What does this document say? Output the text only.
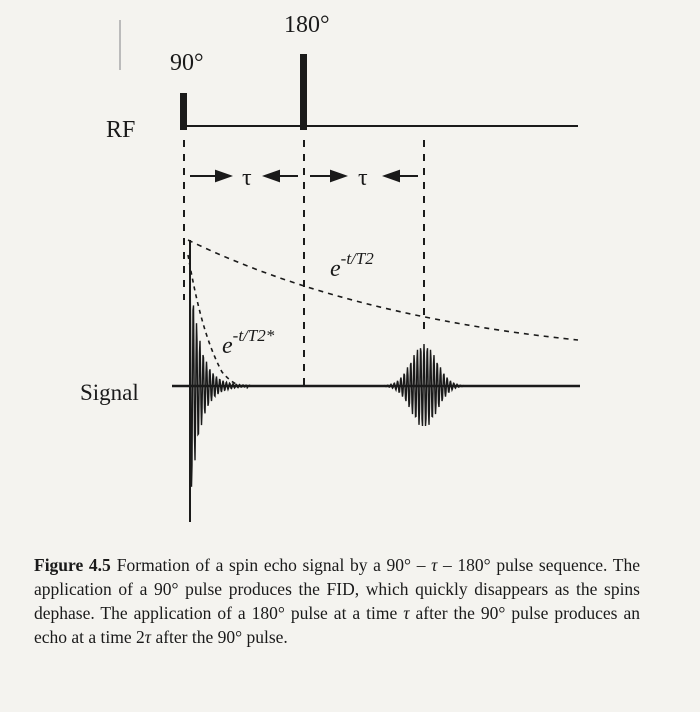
90°
180°
RF
Signal
τ	τ
$e^{-t/T2}$
$e^{-t/T2*}$
Figure 4.5 Formation of a spin echo signal by a 90° – τ – 180° pulse sequence. The application of a 90° pulse produces the FID, which quickly disappears as the spins dephase. The application of a 180° pulse at a time τ after the 90° pulse produces an echo at a time 2τ after the 90° pulse.
